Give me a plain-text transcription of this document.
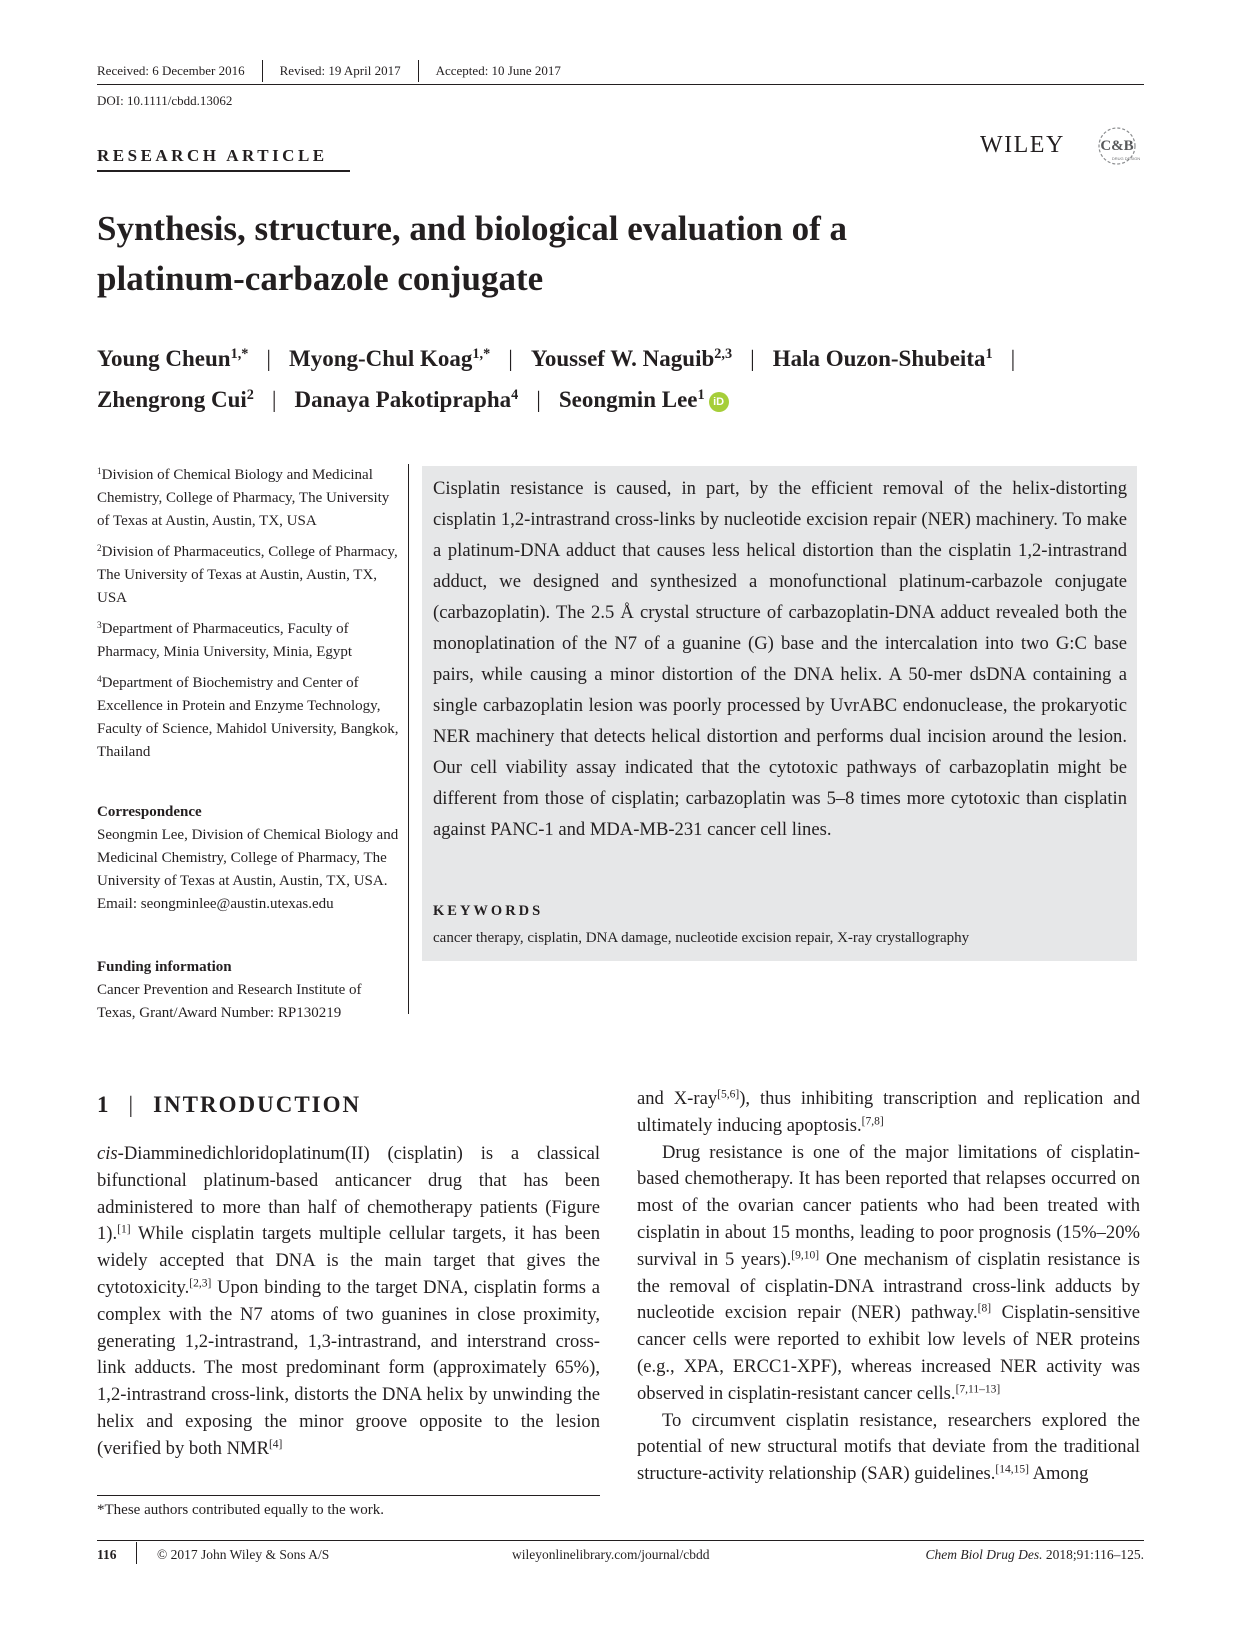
Received: 6 December 2016	Revised: 19 April 2017	Accepted: 10 June 2017
DOI: 10.1111/cbdd.13062
RESEARCH ARTICLE	WILEY C&B
DRUG DESIGN
Synthesis, structure, and biological evaluation of a platinum-carbazole conjugate
Young Cheun$^{1,*}$ | Myong-Chul Koag$^{1,*}$ | Youssef W. Naguib$^{2,3}$ | Hala Ouzon-Shubeita$^1$ |
Zhengrong Cui$^2$ | Danaya Pakotiprapha$^4$ | Seongmin Lee$^1$ iD

$^1$Division of Chemical Biology and Medicinal Chemistry, College of Pharmacy, The University of Texas at Austin, Austin, TX, USA

$^2$Division of Pharmaceutics, College of Pharmacy, The University of Texas at Austin, Austin, TX, USA

$^3$Department of Pharmaceutics, Faculty of Pharmacy, Minia University, Minia, Egypt

$^4$Department of Biochemistry and Center of Excellence in Protein and Enzyme Technology, Faculty of Science, Mahidol University, Bangkok, Thailand

Correspondence
Seongmin Lee, Division of Chemical Biology and Medicinal Chemistry, College of Pharmacy, The University of Texas at Austin, Austin, TX, USA.
Email: seongminlee@austin.utexas.edu
Funding information
Cancer Prevention and Research Institute of Texas, Grant/Award Number: RP130219
Cisplatin resistance is caused, in part, by the efficient removal of the helix-distorting cisplatin 1,2-intrastrand cross-links by nucleotide excision repair (NER) machinery. To make a platinum-DNA adduct that causes less helical distortion than the cisplatin 1,2-intrastrand adduct, we designed and synthesized a monofunctional platinum-carbazole conjugate (carbazoplatin). The 2.5 Å crystal structure of carbazoplatin-DNA adduct revealed both the monoplatination of the N7 of a guanine (G) base and the intercalation into two G:C base pairs, while causing a minor distortion of the DNA helix. A 50-mer dsDNA containing a single carbazoplatin lesion was poorly processed by UvrABC endonuclease, the prokaryotic NER machinery that detects helical distortion and performs dual incision around the lesion. Our cell viability assay indicated that the cytotoxic pathways of carbazoplatin might be different from those of cisplatin; carbazoplatin was 5–8 times more cytotoxic than cisplatin against PANC-1 and MDA-MB-231 cancer cell lines.
KEYWORDS
cancer therapy, cisplatin, DNA damage, nucleotide excision repair, X-ray crystallography
1 | INTRODUCTION

cis-Diamminedichloridoplatinum(II) (cisplatin) is a classical bifunctional platinum-based anticancer drug that has been administered to more than half of chemotherapy patients (Figure 1).[1] While cisplatin targets multiple cellular targets, it has been widely accepted that DNA is the main target that gives the cytotoxicity.[2,3] Upon binding to the target DNA, cisplatin forms a complex with the N7 atoms of two guanines in close proximity, generating 1,2-intrastrand, 1,3-intrastrand, and interstrand cross-link adducts. The most predominant form (approximately 65%), 1,2-intrastrand cross-link, distorts the DNA helix by unwinding the helix and exposing the minor groove opposite to the lesion (verified by both NMR[4]

and X-ray[5,6]), thus inhibiting transcription and replication and ultimately inducing apoptosis.[7,8]

Drug resistance is one of the major limitations of cisplatin-based chemotherapy. It has been reported that relapses occurred on most of the ovarian cancer patients who had been treated with cisplatin in about 15 months, leading to poor prognosis (15%–20% survival in 5 years).[9,10] One mechanism of cisplatin resistance is the removal of cisplatin-DNA intrastrand cross-link adducts by nucleotide excision repair (NER) pathway.[8] Cisplatin-sensitive cancer cells were reported to exhibit low levels of NER proteins (e.g., XPA, ERCC1-XPF), whereas increased NER activity was observed in cisplatin-resistant cancer cells.[7,11–13]

To circumvent cisplatin resistance, researchers explored the potential of new structural motifs that deviate from the traditional structure-activity relationship (SAR) guidelines.[14,15] Among

*These authors contributed equally to the work.
116	© 2017 John Wiley & Sons A/S	wileyonlinelibrary.com/journal/cbdd	Chem Biol Drug Des. 2018;91:116–125.
